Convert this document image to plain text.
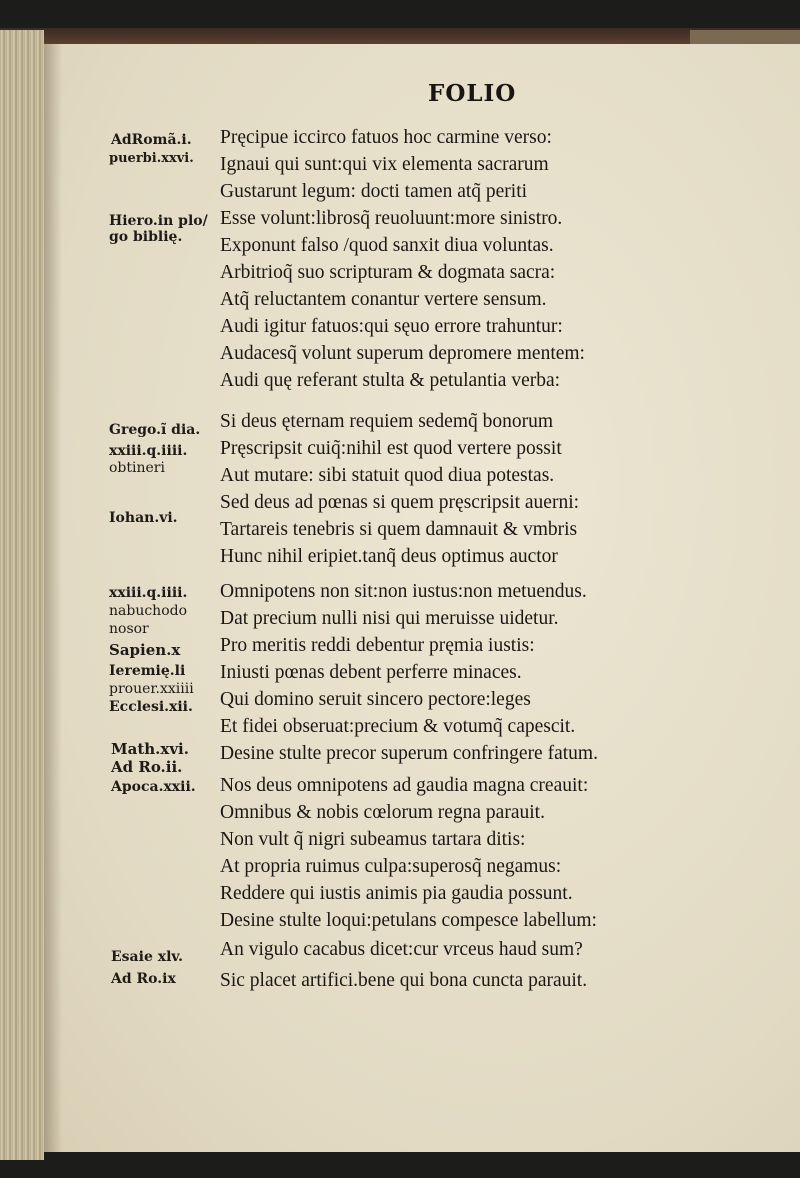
FOLIO
AdRomã.i.
puerbi.xxvi.
Hiero.in plo/
go biblię.
Grego.ĩ dia.
xxiii.q.iiii.
obtineri
Iohan.vi.
xxiii.q.iiii.
nabuchodo
nosor
Sapien.x
Ieremię.li
prouer.xxiiii
Ecclesi.xii.
Math.xvi.
Ad Ro.ii.
Apoca.xxii.
Esaie xlv.
Ad Ro.ix
Pręcipue iccirco fatuos hoc carmine verso:
Ignaui qui sunt:qui vix elementa sacrarum
Gustarunt legum: docti tamen atq̃ periti
Esse volunt:librosq̃ reuoluunt:more sinistro.
Exponunt falso /quod sanxit diua voluntas.
Arbitrioq̃ suo scripturam & dogmata sacra:
Atq̃ reluctantem conantur vertere sensum.
Audi igitur fatuos:qui sęuo errore trahuntur:
Audacesq̃ volunt superum depromere mentem:
Audi quę referant stulta & petulantia verba:
Si deus ęternam requiem sedemq̃ bonorum
Pręscripsit cuiq̃:nihil est quod vertere possit
Aut mutare: sibi statuit quod diua potestas.
Sed deus ad pœnas si quem pręscripsit auerni:
Tartareis tenebris si quem damnauit & vmbris
Hunc nihil eripiet.tanq̃ deus optimus auctor
Omnipotens non sit:non iustus:non metuendus.
Dat precium nulli nisi qui meruisse uidetur.
Pro meritis reddi debentur pręmia iustis:
Iniusti pœnas debent perferre minaces.
Qui domino seruit sincero pectore:leges
Et fidei obseruat:precium & votumq̃ capescit.
Desine stulte precor superum confringere fatum.
Nos deus omnipotens ad gaudia magna creauit:
Omnibus & nobis cœlorum regna parauit.
Non vult q̃ nigri subeamus tartara ditis:
At propria ruimus culpa:superosq̃ negamus:
Reddere qui iustis animis pia gaudia possunt.
Desine stulte loqui:petulans compesce labellum:
An vigulo cacabus dicet:cur vrceus haud sum?
Sic placet artifici.bene qui bona cuncta parauit.
